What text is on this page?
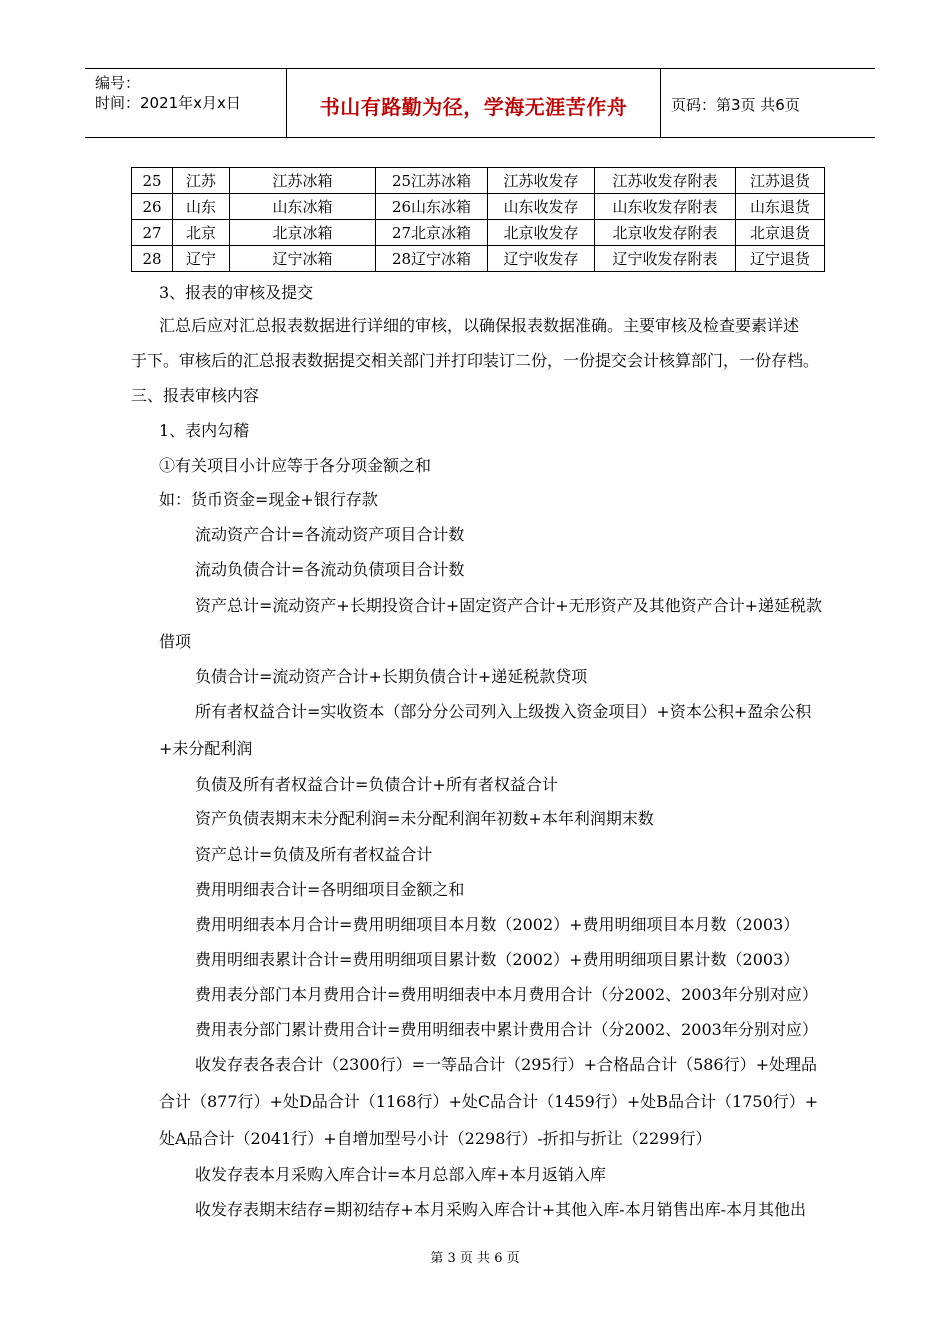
编号：
时间：2021年x月x日	书山有路勤为径，学海无涯苦作舟	页码：第3页 共6页
25	江苏	江苏冰箱	25江苏冰箱	江苏收发存	江苏收发存附表	江苏退货
26	山东	山东冰箱	26山东冰箱	山东收发存	山东收发存附表	山东退货
27	北京	北京冰箱	27北京冰箱	北京收发存	北京收发存附表	北京退货
28	辽宁	辽宁冰箱	28辽宁冰箱	辽宁收发存	辽宁收发存附表	辽宁退货
3、报表的审核及提交
汇总后应对汇总报表数据进行详细的审核，以确保报表数据准确。主要审核及检查要素详述
于下。审核后的汇总报表数据提交相关部门并打印装订二份，一份提交会计核算部门，一份存档。
三、报表审核内容
1、表内勾稽
①有关项目小计应等于各分项金额之和
如：货币资金=现金+银行存款
流动资产合计=各流动资产项目合计数
流动负债合计=各流动负债项目合计数
资产总计=流动资产+长期投资合计+固定资产合计+无形资产及其他资产合计+递延税款
借项
负债合计=流动资产合计+长期负债合计+递延税款贷项
所有者权益合计=实收资本（部分分公司列入上级拨入资金项目）+资本公积+盈余公积
+未分配利润
负债及所有者权益合计=负债合计+所有者权益合计
资产负债表期末未分配利润=未分配利润年初数+本年利润期末数
资产总计=负债及所有者权益合计
费用明细表合计=各明细项目金额之和
费用明细表本月合计=费用明细项目本月数（2002）+费用明细项目本月数（2003）
费用明细表累计合计=费用明细项目累计数（2002）+费用明细项目累计数（2003）
费用表分部门本月费用合计=费用明细表中本月费用合计（分2002、2003年分别对应）
费用表分部门累计费用合计=费用明细表中累计费用合计（分2002、2003年分别对应）
收发存表各表合计（2300行）=一等品合计（295行）+合格品合计（586行）+处理品
合计（877行）+处D品合计（1168行）+处C品合计（1459行）+处B品合计（1750行）+
处A品合计（2041行）+自增加型号小计（2298行）-折扣与折让（2299行）
收发存表本月采购入库合计=本月总部入库+本月返销入库
收发存表期末结存=期初结存+本月采购入库合计+其他入库-本月销售出库-本月其他出
第 3 页 共 6 页
